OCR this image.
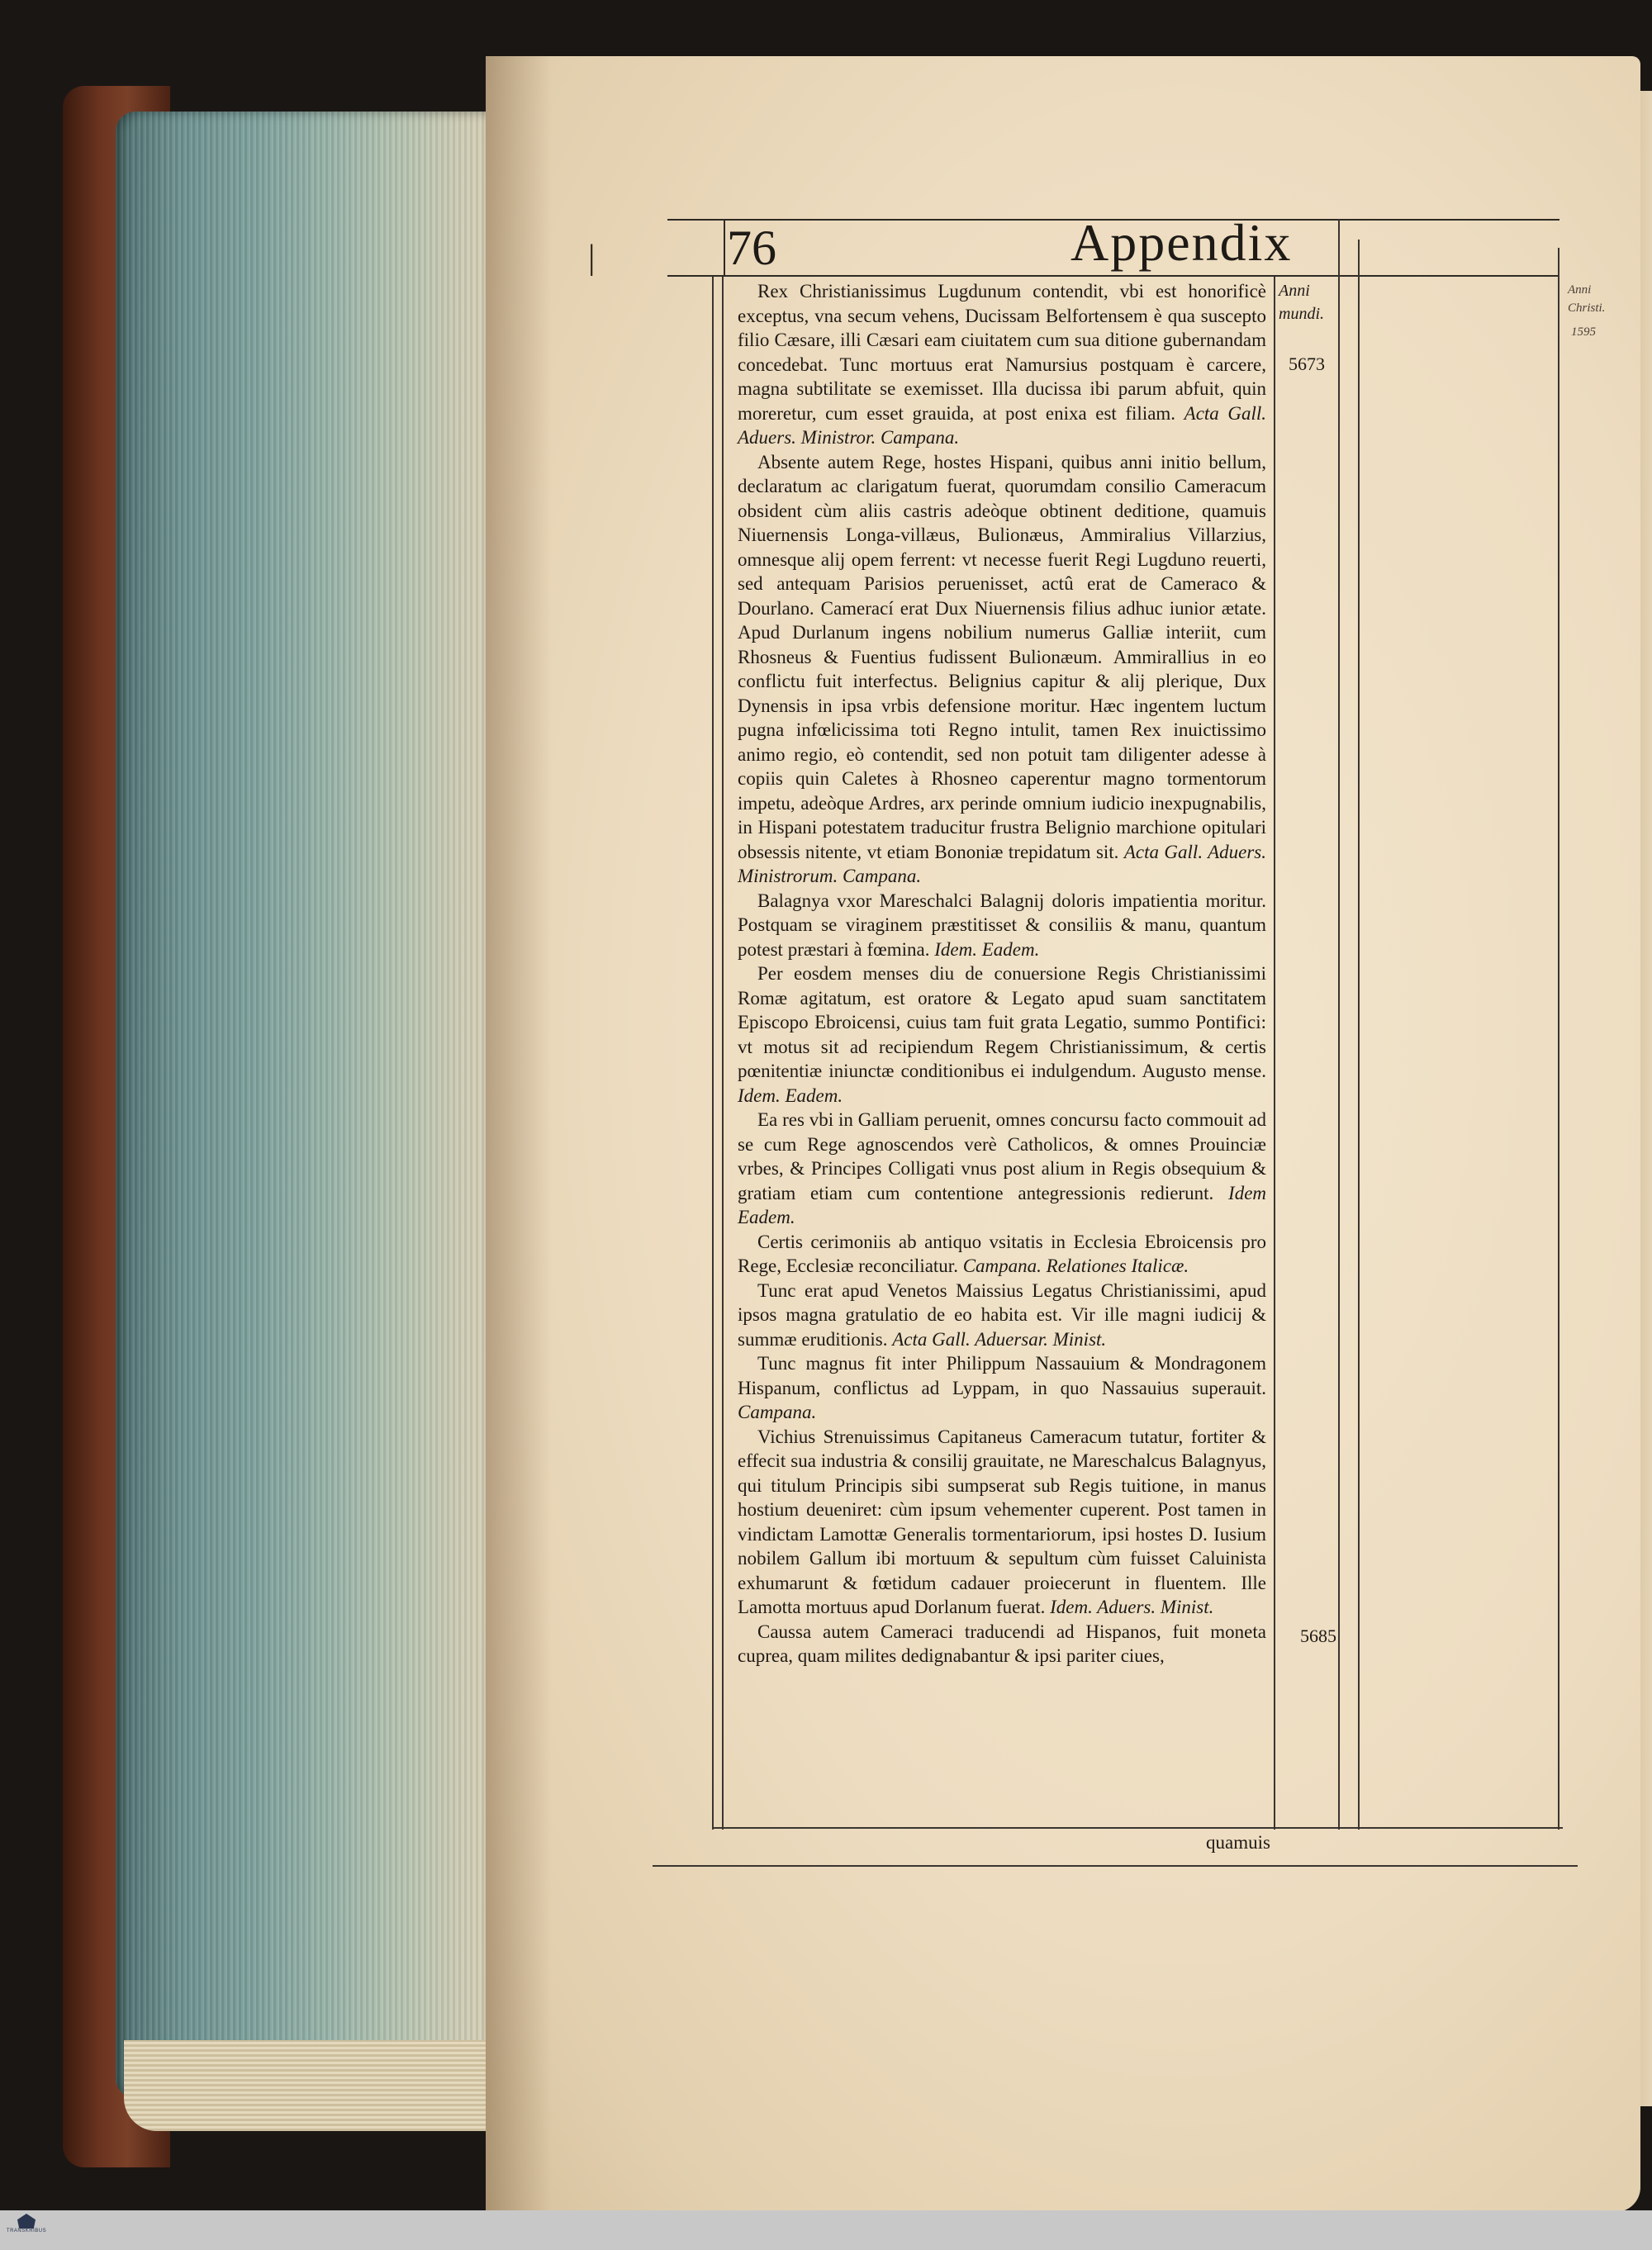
|	76	Appendix
Anni
mundi.
5673
5685
Anni
Christi.
1595

Rex Christianissimus Lugdunum contendit, vbi est honorificè exceptus, vna secum vehens, Ducissam Belfortensem è qua suscepto filio Cæsare, illi Cæsari eam ciuitatem cum sua ditione gubernandam concedebat. Tunc mortuus erat Namursius postquam è carcere, magna subtilitate se exemisset. Illa ducissa ibi parum abfuit, quin moreretur, cum esset grauida, at post enixa est filiam. Acta Gall. Aduers. Ministror. Campana.

Absente autem Rege, hostes Hispani, quibus anni initio bellum, declaratum ac clarigatum fuerat, quorumdam consilio Cameracum obsident cùm aliis castris adeòque obtinent deditione, quamuis Niuernensis Longa-villæus, Bulionæus, Ammiralius Villarzius, omnesque alij opem ferrent: vt necesse fuerit Regi Lugduno reuerti, sed antequam Parisios peruenisset, actû erat de Cameraco & Dourlano. Camerací erat Dux Niuernensis filius adhuc iunior ætate. Apud Durlanum ingens nobilium numerus Galliæ interiit, cum Rhosneus & Fuentius fudissent Bulionæum. Ammirallius in eo conflictu fuit interfectus. Belignius capitur & alij plerique, Dux Dynensis in ipsa vrbis defensione moritur. Hæc ingentem luctum pugna infœlicissima toti Regno intulit, tamen Rex inuictissimo animo regio, eò contendit, sed non potuit tam diligenter adesse à copiis quin Caletes à Rhosneo caperentur magno tormentorum impetu, adeòque Ardres, arx perinde omnium iudicio inexpugnabilis, in Hispani potestatem traducitur frustra Belignio marchione opitulari obsessis nitente, vt etiam Bononiæ trepidatum sit. Acta Gall. Aduers. Ministrorum. Campana.

Balagnya vxor Mareschalci Balagnij doloris impatientia moritur. Postquam se viraginem præstitisset & consiliis & manu, quantum potest præstari à fœmina. Idem. Eadem.

Per eosdem menses diu de conuersione Regis Christianissimi Romæ agitatum, est oratore & Legato apud suam sanctitatem Episcopo Ebroicensi, cuius tam fuit grata Legatio, summo Pontifici: vt motus sit ad recipiendum Regem Christianissimum, & certis pœnitentiæ iniunctæ conditionibus ei indulgendum. Augusto mense. Idem. Eadem.

Ea res vbi in Galliam peruenit, omnes concursu facto commouit ad se cum Rege agnoscendos verè Catholicos, & omnes Prouinciæ vrbes, & Principes Colligati vnus post alium in Regis obsequium & gratiam etiam cum contentione antegressionis redierunt. Idem Eadem.

Certis cerimoniis ab antiquo vsitatis in Ecclesia Ebroicensis pro Rege, Ecclesiæ reconciliatur. Campana. Relationes Italicæ.

Tunc erat apud Venetos Maissius Legatus Christianissimi, apud ipsos magna gratulatio de eo habita est. Vir ille magni iudicij & summæ eruditionis. Acta Gall. Aduersar. Minist.

Tunc magnus fit inter Philippum Nassauium & Mondragonem Hispanum, conflictus ad Lyppam, in quo Nassauius superauit. Campana.

Vichius Strenuissimus Capitaneus Cameracum tutatur, fortiter & effecit sua industria & consilij grauitate, ne Mareschalcus Balagnyus, qui titulum Principis sibi sumpserat sub Regis tuitione, in manus hostium deueniret: cùm ipsum vehementer cuperent. Post tamen in vindictam Lamottæ Generalis tormentariorum, ipsi hostes D. Iusium nobilem Gallum ibi mortuum & sepultum cùm fuisset Caluinista exhumarunt & fœtidum cadauer proiecerunt in fluentem. Ille Lamotta mortuus apud Dorlanum fuerat. Idem. Aduers. Minist.

Caussa autem Cameraci traducendi ad Hispanos, fuit moneta cuprea, quam milites dedignabantur & ipsi pariter ciues,

quamuis
TRANSKRIBUS
